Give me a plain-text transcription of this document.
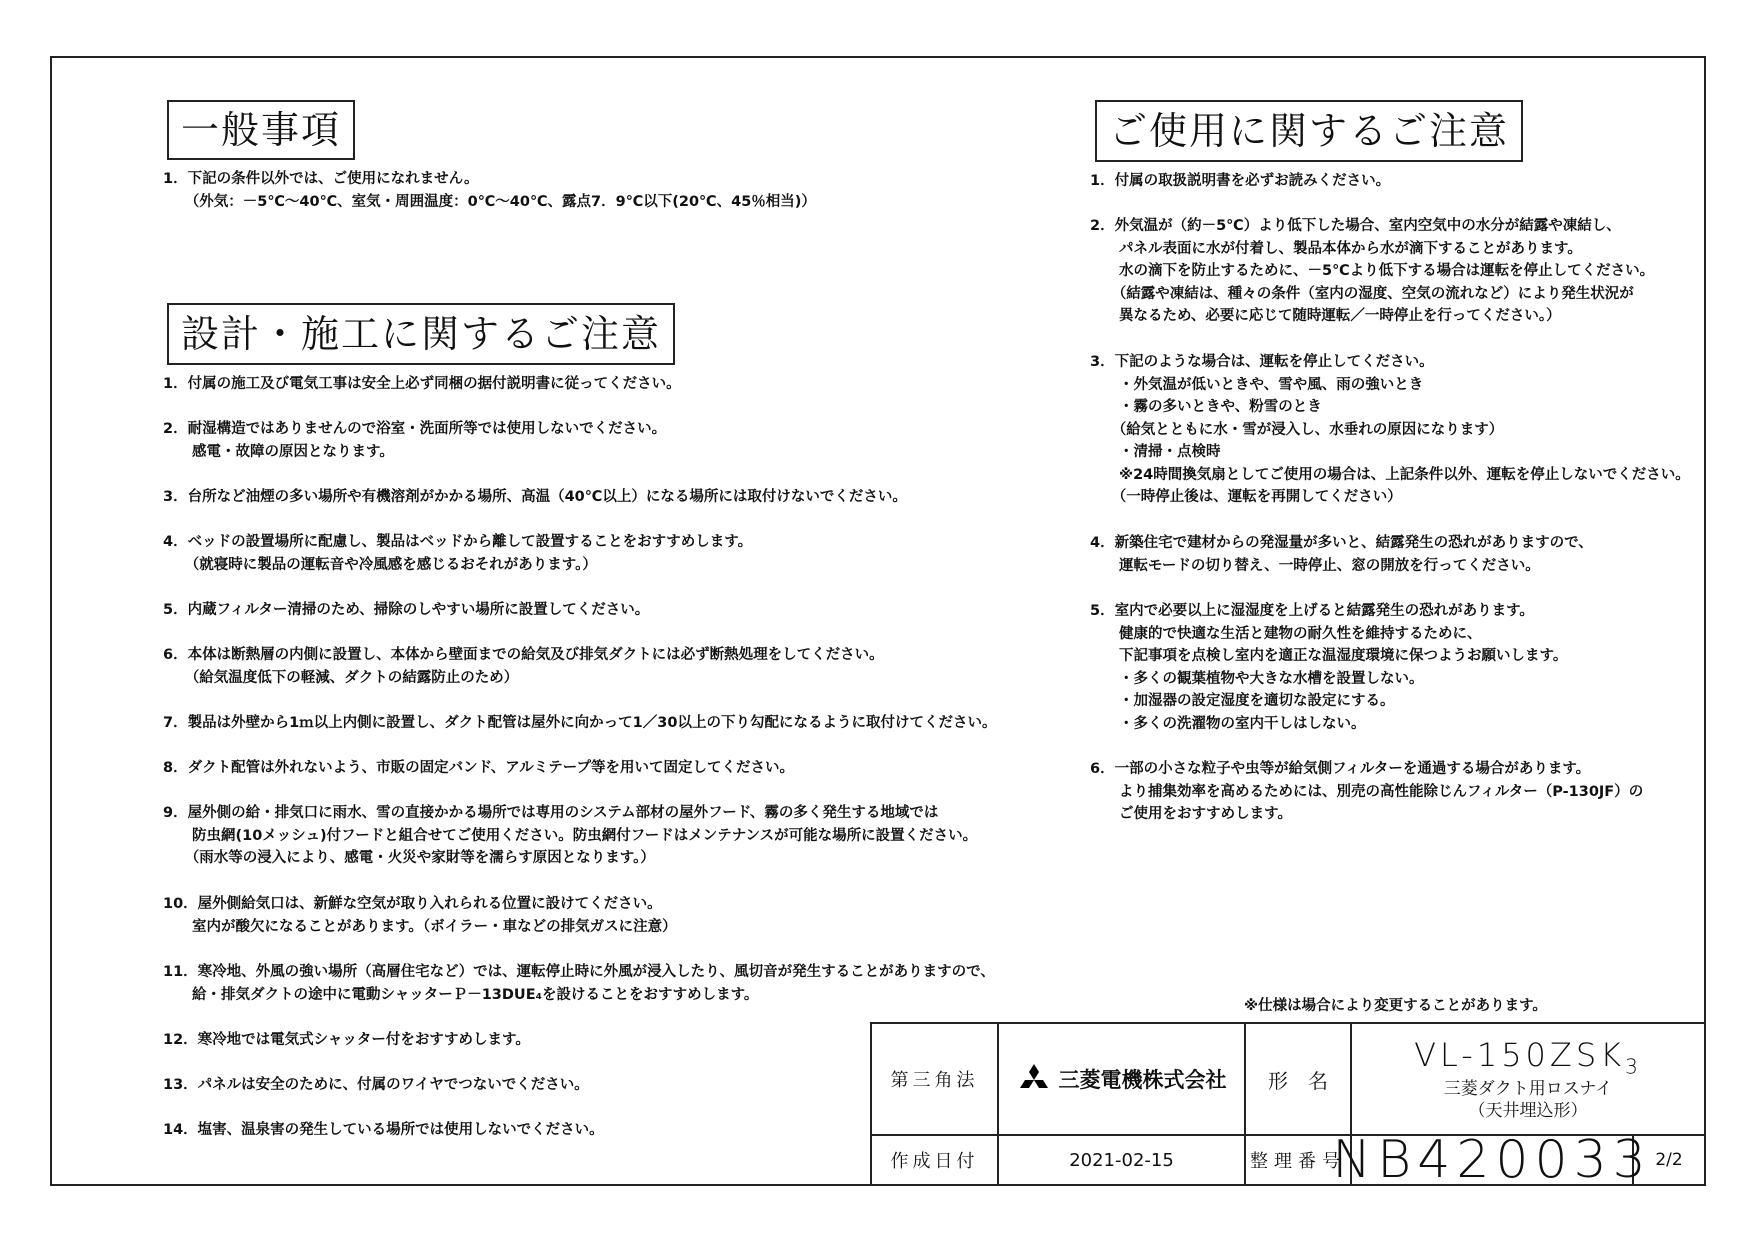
一般事項
1．下記の条件以外では、ご使用になれません。
　　（外気：－5℃～40℃、室気・周囲温度：0℃～40℃、露点7．9℃以下(20℃、45％相当)）
設計・施工に関するご注意
1．付属の施工及び電気工事は安全上必ず同梱の据付説明書に従ってください。
2．耐湿構造ではありませんので浴室・洗面所等では使用しないでください。
　　感電・故障の原因となります。
3．台所など油煙の多い場所や有機溶剤がかかる場所、高温（40℃以上）になる場所には取付けないでください。
4．ベッドの設置場所に配慮し、製品はベッドから離して設置することをおすすめします。
　　（就寝時に製品の運転音や冷風感を感じるおそれがあります。）
5．内蔵フィルター清掃のため、掃除のしやすい場所に設置してください。
6．本体は断熱層の内側に設置し、本体から壁面までの給気及び排気ダクトには必ず断熱処理をしてください。
　　（給気温度低下の軽減、ダクトの結露防止のため）
7．製品は外壁から1ｍ以上内側に設置し、ダクト配管は屋外に向かって1／30以上の下り勾配になるように取付けてください。
8．ダクト配管は外れないよう、市販の固定バンド、アルミテープ等を用いて固定してください。
9．屋外側の給・排気口に雨水、雪の直接かかる場所では専用のシステム部材の屋外フード、霧の多く発生する地域では
　　防虫網(10メッシュ)付フードと組合せてご使用ください。防虫網付フードはメンテナンスが可能な場所に設置ください。
　　（雨水等の浸入により、感電・火災や家財等を濡らす原因となります。）
10．屋外側給気口は、新鮮な空気が取り入れられる位置に設けてください。
　　室内が酸欠になることがあります。（ボイラー・車などの排気ガスに注意）
11．寒冷地、外風の強い場所（高層住宅など）では、運転停止時に外風が浸入したり、風切音が発生することがありますので、
　　給・排気ダクトの途中に電動シャッターＰ－13DUE₄を設けることをおすすめします。
12．寒冷地では電気式シャッター付をおすすめします。
13．パネルは安全のために、付属のワイヤでつないでください。
14．塩害、温泉害の発生している場所では使用しないでください。
ご使用に関するご注意
1．付属の取扱説明書を必ずお読みください。
2．外気温が（約－5℃）より低下した場合、室内空気中の水分が結露や凍結し、
　　パネル表面に水が付着し、製品本体から水が滴下することがあります。
　　水の滴下を防止するために、－5℃より低下する場合は運転を停止してください。
　　（結露や凍結は、種々の条件（室内の湿度、空気の流れなど）により発生状況が
　　異なるため、必要に応じて随時運転／一時停止を行ってください。）
3．下記のような場合は、運転を停止してください。
　　・外気温が低いときや、雪や風、雨の強いとき
　　・霧の多いときや、粉雪のとき
　　（給気とともに水・雪が浸入し、水垂れの原因になります）
　　・清掃・点検時
　　※24時間換気扇としてご使用の場合は、上記条件以外、運転を停止しないでください。
　　（一時停止後は、運転を再開してください）
4．新築住宅で建材からの発湿量が多いと、結露発生の恐れがありますので、
　　運転モードの切り替え、一時停止、窓の開放を行ってください。
5．室内で必要以上に湿湿度を上げると結露発生の恐れがあります。
　　健康的で快適な生活と建物の耐久性を維持するために、
　　下記事項を点検し室内を適正な温湿度環境に保つようお願いします。
　　・多くの観葉植物や大きな水槽を設置しない。
　　・加湿器の設定湿度を適切な設定にする。
　　・多くの洗濯物の室内干しはしない。
6．一部の小さな粒子や虫等が給気側フィルターを通過する場合があります。
　　より捕集効率を高めるためには、別売の高性能除じんフィルター（P-130JF）の
　　ご使用をおすすめします。
※仕様は場合により変更することがあります。
第三角法	三菱電機株式会社	形　名
$VL-150ZSK_3$
三菱ダクト用ロスナイ
（天井埋込形）
作成日付	2021-02-15	整理番号
NB420033 2/2
